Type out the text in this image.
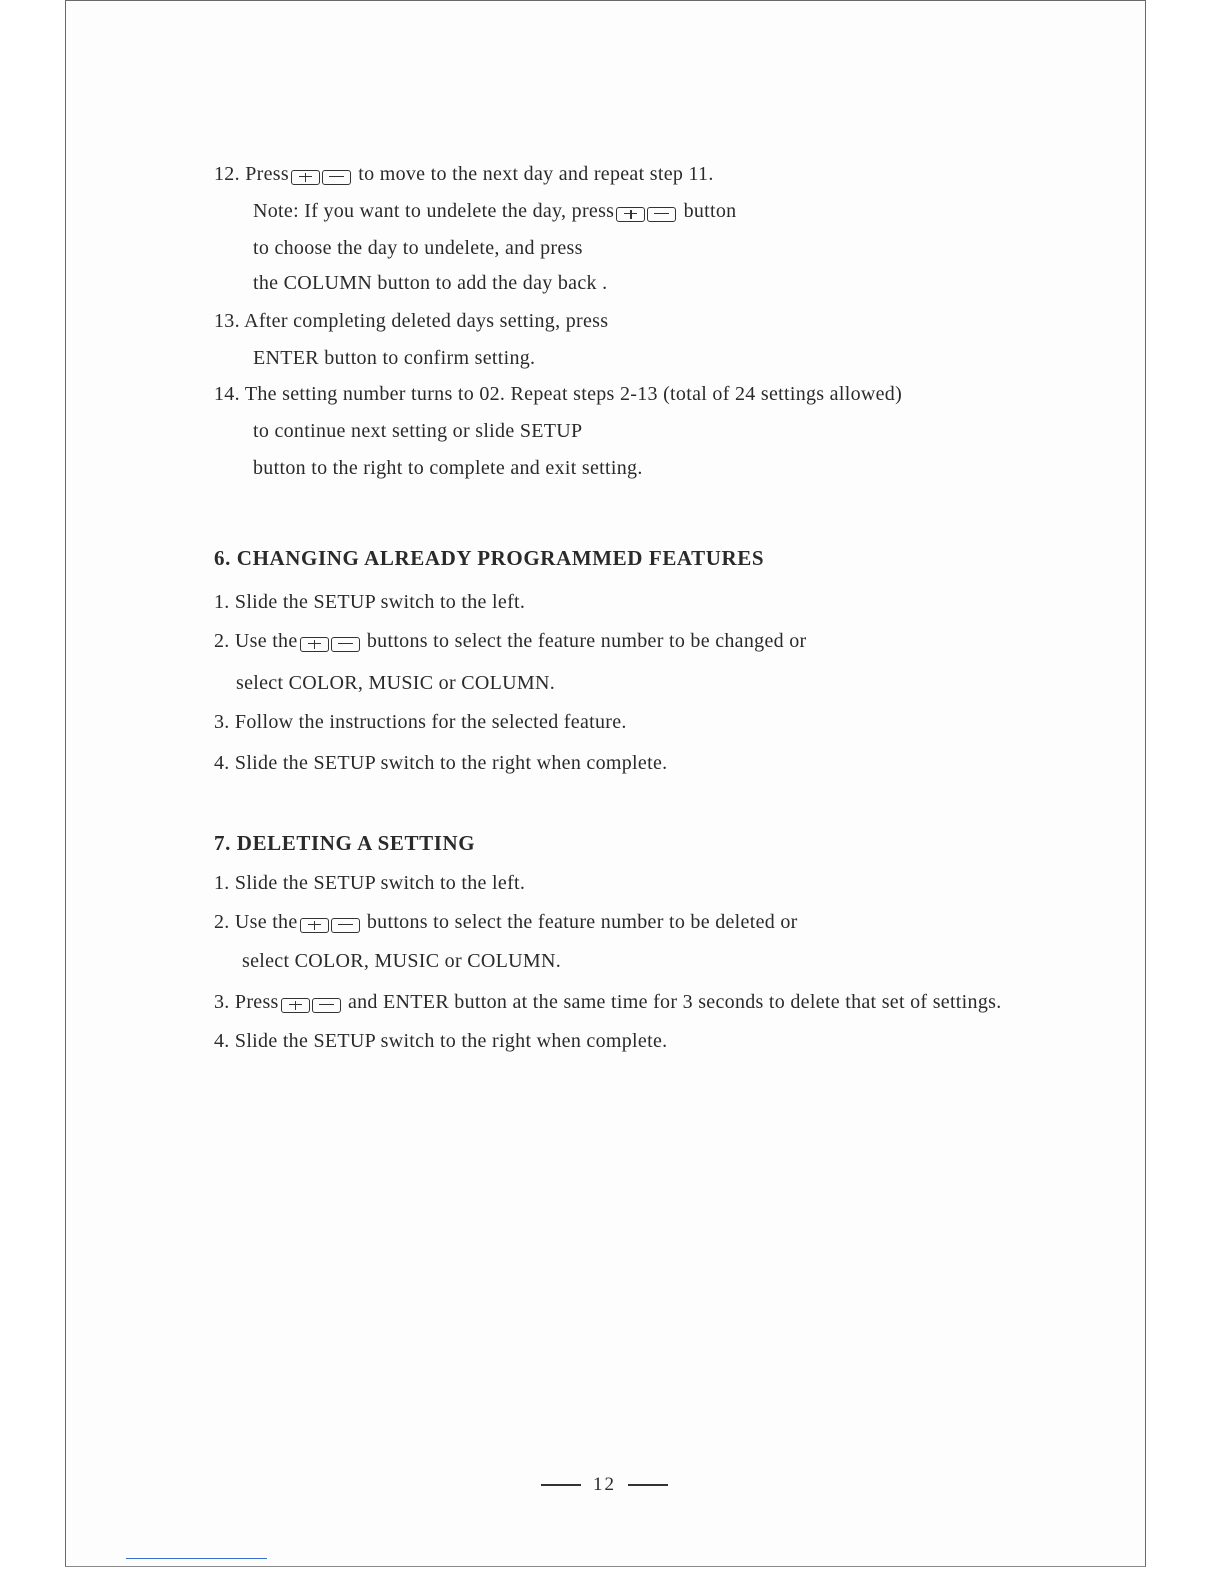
12. Press	to move to the next day and repeat step 11.
Note: If you want to undelete the day, press	button
to choose the day to undelete, and press
the COLUMN button to add the day back .
13. After completing deleted days setting, press
ENTER button to confirm setting.
14. The setting number turns to 02. Repeat steps 2-13 (total of 24 settings allowed)
to continue next setting or slide SETUP
button to the right to complete and exit setting.
6. CHANGING ALREADY PROGRAMMED FEATURES
1. Slide the SETUP switch to the left.
2. Use the	buttons to select the feature number to be changed or
select COLOR, MUSIC or COLUMN.
3. Follow the instructions for the selected feature.
4. Slide the SETUP switch to the right when complete.
7. DELETING A SETTING
1. Slide the SETUP switch to the left.
2. Use the	buttons to select the feature number to be deleted or
select COLOR, MUSIC or COLUMN.
3. Press	and ENTER button at the same time for 3 seconds to delete that set of settings.
4. Slide the SETUP switch to the right when complete.
12
